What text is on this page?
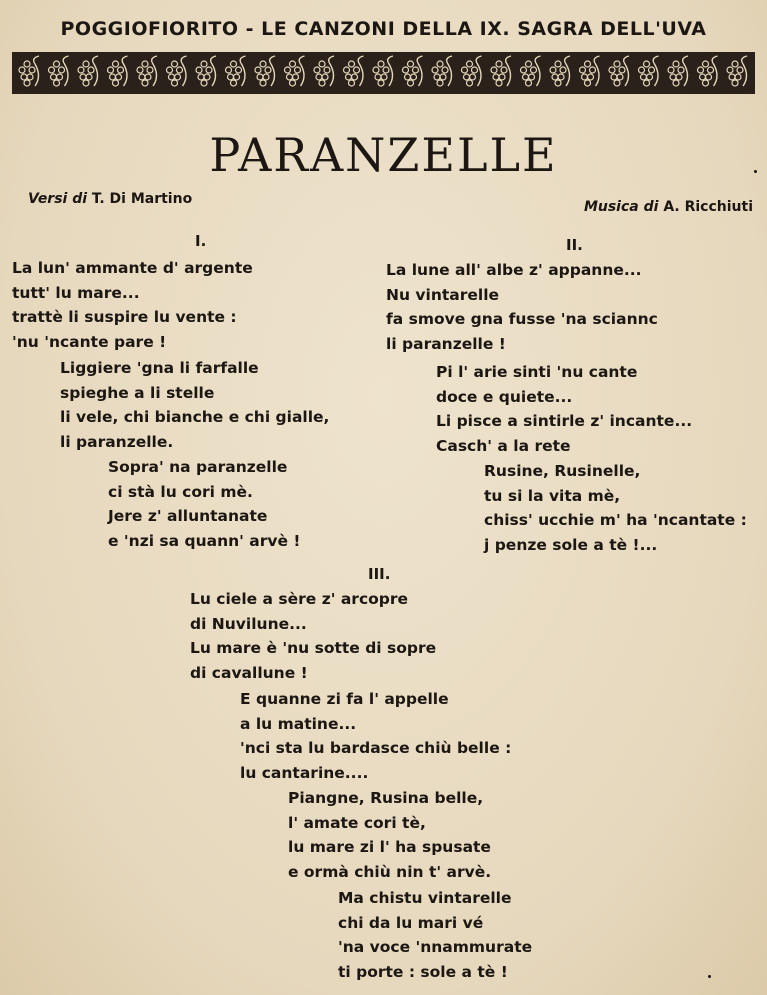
POGGIOFIORITO - LE CANZONI DELLA IX. SAGRA DELL'UVA
PARANZELLE
Versi di T. Di Martino	Musica di A. Ricchiuti
I.
La lun' ammante d' argente
tutt' lu mare...
trattè li suspire lu vente :
'nu 'ncante pare !
Liggiere 'gna li farfalle
spieghe a li stelle
li vele, chi bianche e chi gialle,
li paranzelle.
Sopra' na paranzelle
ci stà lu cori mè.
Jere z' alluntanate
e 'nzi sa quann' arvè !
II.
La lune all' albe z' appanne...
Nu vintarelle
fa smove gna fusse 'na sciannc
li paranzelle !
Pi l' arie sinti 'nu cante
doce e quiete...
Li pisce a sintirle z' incante...
Casch' a la rete
Rusine, Rusinelle,
tu si la vita mè,
chiss' ucchie m' ha 'ncantate :
j penze sole a tè !...
III.
Lu ciele a sère z' arcopre
di Nuvilune...
Lu mare è 'nu sotte di sopre
di cavallune !
E quanne zi fa l' appelle
a lu matine...
'nci sta lu bardasce chiù belle :
lu cantarine....
Piangne, Rusina belle,
l' amate cori tè,
lu mare zi l' ha spusate
e ormà chiù nin t' arvè.
Ma chistu vintarelle
chi da lu mari vé
'na voce 'nnammurate
ti porte : sole a tè !
